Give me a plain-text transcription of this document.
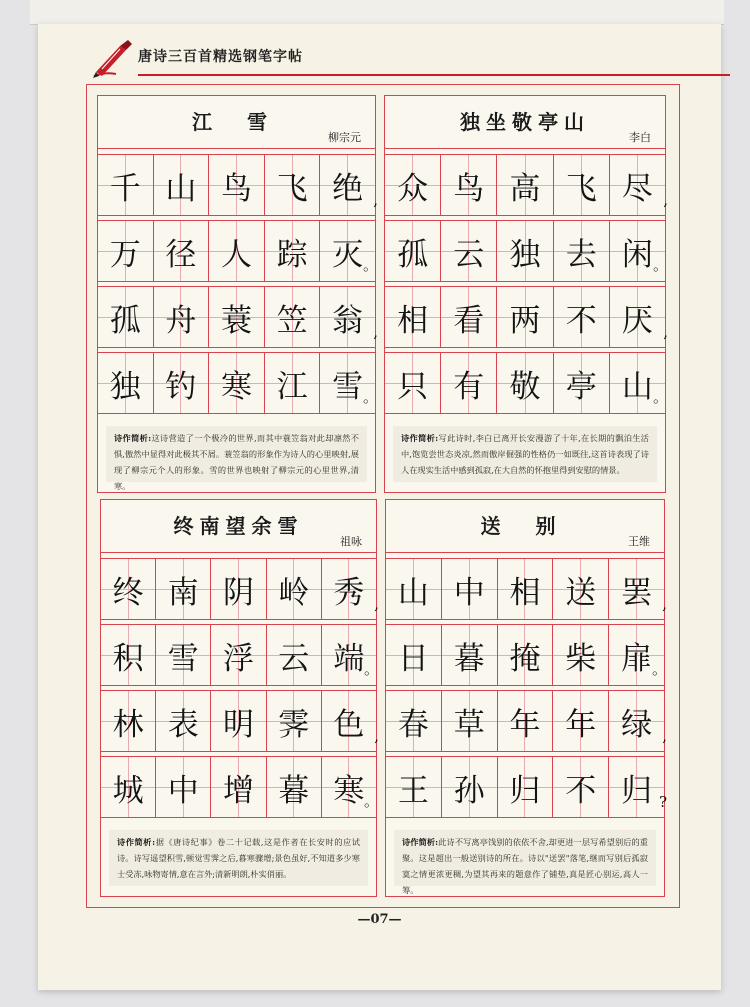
唐诗三百首精选钢笔字帖
江 雪
柳宗元
千 山 鸟 飞 绝 ,
万 径 人 踪 灭 。
孤 舟 蓑 笠 翁 ,
独 钓 寒 江 雪 。
诗作简析:这诗营造了一个极冷的世界,而其中蓑笠翁对此却凛然不惧,傲然中显得对此极其不屑。蓑笠翁的形象作为诗人的心里映射,展现了柳宗元个人的形象。雪的世界也映射了柳宗元的心里世界,清寒。
独坐敬亭山
李白
众 鸟 高 飞 尽 ,
孤 云 独 去 闲 。
相 看 两 不 厌 ,
只 有 敬 亭 山 。
诗作简析:写此诗时,李白已离开长安漫游了十年,在长期的飘泊生活中,饱览尝世态炎凉,然而傲岸倔强的性格仍一如既往,这首诗表现了诗人在现实生活中感到孤寂,在大自然的怀抱里得到安慰的情景。
终南望余雪
祖咏
终 南 阴 岭 秀 ,
积 雪 浮 云 端 。
林 表 明 霁 色 ,
城 中 增 暮 寒 。
诗作简析:据《唐诗纪事》卷二十记载,这是作者在长安时的应试诗。诗写遥望积雪,顿觉雪霁之后,暮寒骤增;景色虽好,不知道多少寒士受冻,咏物寄情,意在言外;清新明朗,朴实俏丽。
送 别
王维
山 中 相 送 罢 ,
日 暮 掩 柴 扉 。
春 草 年 年 绿 ,
王 孙 归 不 归 ?
诗作简析:此诗不写离亭饯别的依依不舍,却更进一层写希望别后的重聚。这是超出一般送别诗的所在。诗以"送罢"落笔,继而写别后孤寂寞之情更浓更稠,为望其再来的题意作了铺垫,真是匠心别运,高人一筹。
—07—
